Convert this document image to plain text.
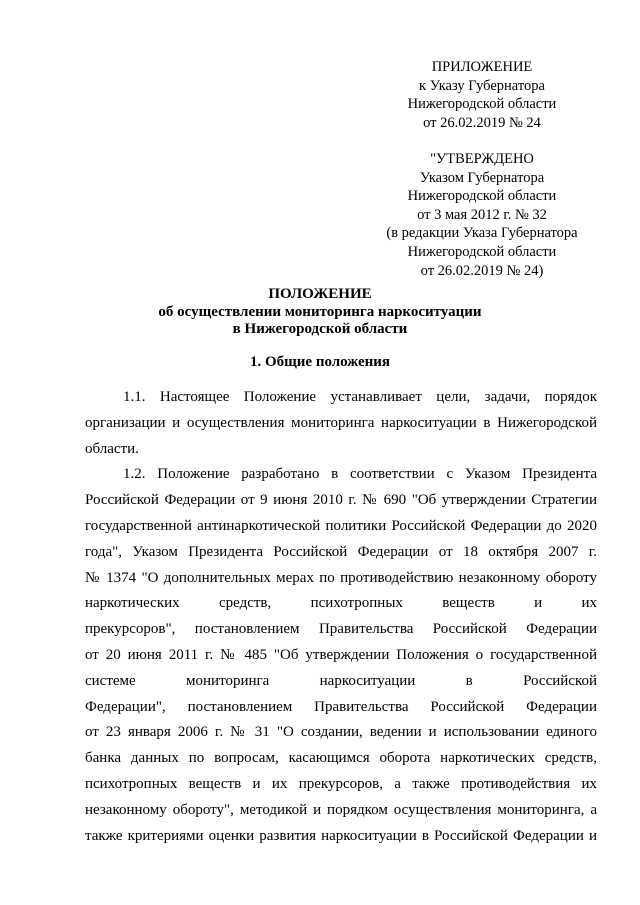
ПРИЛОЖЕНИЕ
к Указу Губернатора
Нижегородской области
от 26.02.2019 № 24
"УТВЕРЖДЕНО
Указом Губернатора
Нижегородской области
от 3 мая 2012 г. № 32
(в редакции Указа Губернатора
Нижегородской области
от 26.02.2019 № 24)
ПОЛОЖЕНИЕ
об осуществлении мониторинга наркоситуации
в Нижегородской области
1. Общие положения
1.1. Настоящее Положение устанавливает цели, задачи, порядок
организации и осуществления мониторинга наркоситуации в Нижегородской
области.
1.2. Положение разработано в соответствии с Указом Президента
Российской Федерации от 9 июня 2010 г. № 690 "Об утверждении Стратегии
государственной антинаркотической политики Российской Федерации до 2020
года", Указом Президента Российской Федерации от 18 октября 2007 г.
№ 1374 "О дополнительных мерах по противодействию незаконному обороту
наркотических средств, психотропных веществ и их
прекурсоров", постановлением Правительства Российской Федерации
от 20 июня 2011 г. № 485 "Об утверждении Положения о государственной
системе мониторинга наркоситуации в Российской
Федерации", постановлением Правительства Российской Федерации
от 23 января 2006 г. № 31 "О создании, ведении и использовании единого
банка данных по вопросам, касающимся оборота наркотических средств,
психотропных веществ и их прекурсоров, а также противодействия их
незаконному обороту", методикой и порядком осуществления мониторинга, а
также критериями оценки развития наркоситуации в Российской Федерации и
